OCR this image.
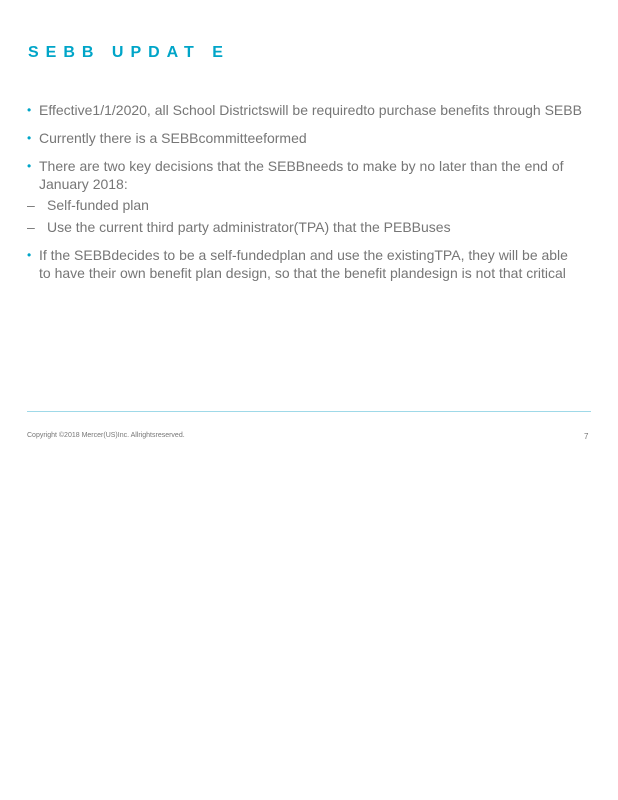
SEBB UPDAT E
• Effective1/1/2020, all School Districtswill be requiredto purchase benefits through SEBB
• Currently there is a SEBBcommitteeformed
• There are two key decisions that the SEBBneeds to make by no later than the end of January 2018:
– Self-funded plan
– Use the current third party administrator(TPA) that the PEBBuses
• If the SEBBdecides to be a self-fundedplan and use the existingTPA, they will be able to have their own benefit plan design, so that the benefit plandesign is not that critical
Copyright ©2018 Mercer(US)Inc. Allrightsreserved.	7
